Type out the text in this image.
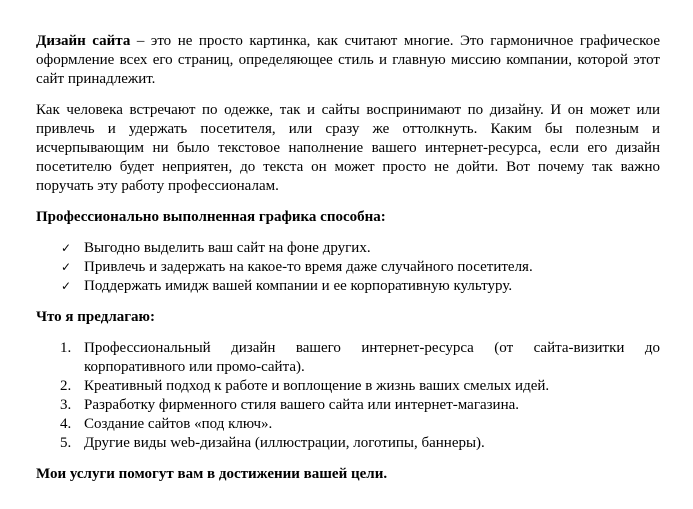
Дизайн сайта – это не просто картинка, как считают многие. Это гармоничное графическое оформление всех его страниц, определяющее стиль и главную миссию компании, которой этот сайт принадлежит.

Как человека встречают по одежке, так и сайты воспринимают по дизайну. И он может или привлечь и удержать посетителя, или сразу же оттолкнуть. Каким бы полезным и исчерпывающим ни было текстовое наполнение вашего интернет-ресурса, если его дизайн посетителю будет неприятен, до текста он может просто не дойти. Вот почему так важно поручать эту работу профессионалам.

Профессионально выполненная графика способна:

✓ Выгодно выделить ваш сайт на фоне других.
✓ Привлечь и задержать на какое-то время даже случайного посетителя.
✓ Поддержать имидж вашей компании и ее корпоративную культуру.

Что я предлагаю:

1. Профессиональный дизайн вашего интернет-ресурса (от сайта-визитки до корпоративного или промо-сайта).
2. Креативный подход к работе и воплощение в жизнь ваших смелых идей.
3. Разработку фирменного стиля вашего сайта или интернет-магазина.
4. Создание сайтов «под ключ».
5. Другие виды web-дизайна (иллюстрации, логотипы, баннеры).

Мои услуги помогут вам в достижении вашей цели.
